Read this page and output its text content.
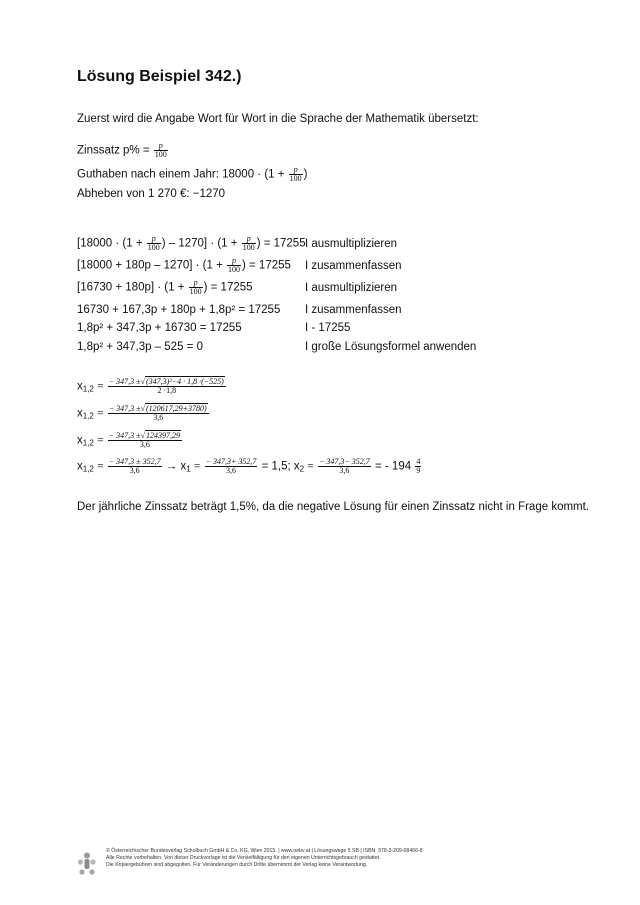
Lösung Beispiel 342.)
Zuerst wird die Angabe Wort für Wort in die Sprache der Mathematik übersetzt:
Zinssatz $p\% = \frac{p}{100}$
Guthaben nach einem Jahr: $18000 \cdot (1 + \frac{p}{100}$ )
Abheben von 1 270 €: −1270
[$18000 \cdot (1 + \frac{p}{100}$ ) – $1270] \cdot (1 + \frac{p}{100}$ ) = 17255 I ausmultiplizieren
$[18000 + 180p - 1270] \cdot (1 + \frac{p}{100}$ ) = 17255 I zusammenfassen
$[16730 + 180p] \cdot (1 + \frac{p}{100}$ ) = 17255	I ausmultiplizieren
16730 + 167,3p + 180p + 1,8p² = 17255 I zusammenfassen
1,8p² + 347,3p + 16730 = 17255	I - 17255
1,8p² + 347,3p – 525 = 0	I große Lösungsformel anwenden
$x_{1,2} = \frac{\text{− 347,3 ±√(347,3)²−4 · 1,8 ·(−525)}}{2 \cdot 1,8}$
$x_{1,2} = \frac{- 347,3 \pm√(120617,29+3780)}{3,6}$
$x_{1,2} = \frac{- 347,3 \pm√124397,29}{3,6}$
$x_{1,2} = \frac{- 347,3 \pm 352,7}{3,6} \to x_1 = \frac{- 347,3+ 352,7}{3,6} = 1,5$; $x_2 = \frac{- 347,3- 352,7}{3,6}$ = - $194 \frac{4}{9}$
Der jährliche Zinssatz beträgt 1,5%, da die negative Lösung für einen Zinssatz nicht in Frage kommt.
© Österreichischer Bundesverlag Schulbuch GmbH & Co. KG, Wien 2015. | www.oebv.at | Lösungswege 5 SB | ISBN: 978-3-209-08466-8
Alle Rechte vorbehalten. Von dieser Druckvorlage ist die Vervielfältigung für den eigenen Unterrichtsgebrauch gestattet.
Die Kopiergebühren sind abgegolten. Für Veränderungen durch Dritte übernimmt der Verlag keine Verantwortung.
